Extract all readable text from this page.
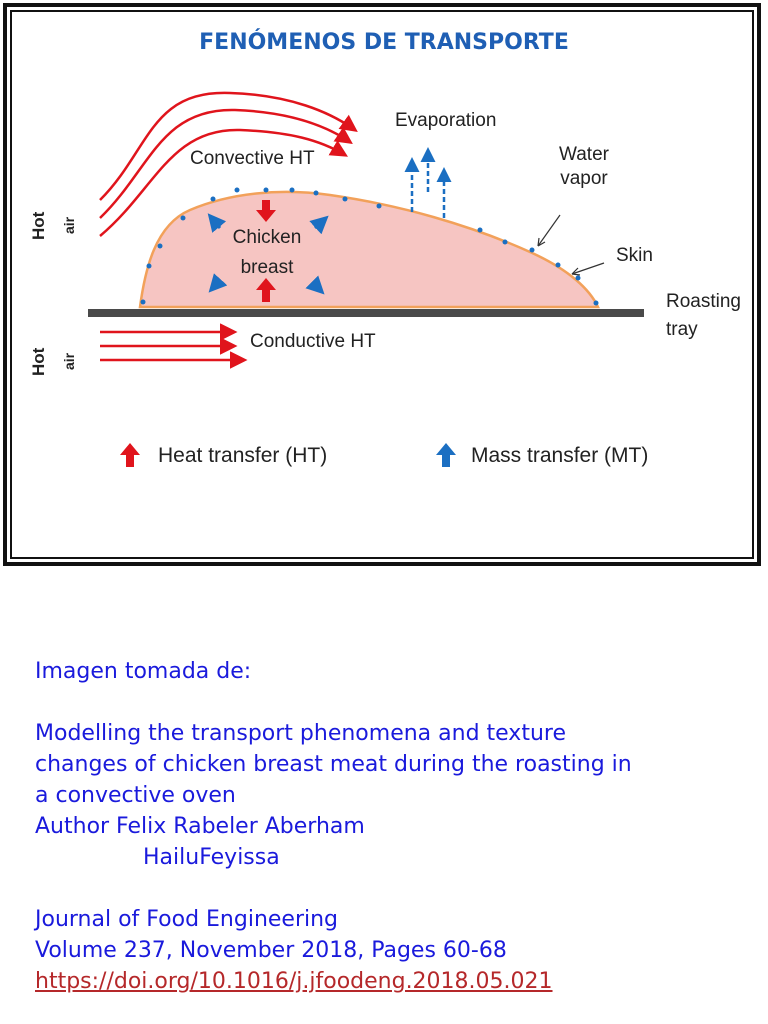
FENÓMENOS DE TRANSPORTE
Hot air
Hot air
Convective HT
Evaporation
Water
vapor
Chicken
breast
Skin
Roasting
tray
Conductive HT
Heat transfer (HT)	Mass transfer (MT)
Imagen tomada de:
Modelling the transport phenomena and texture
changes of chicken breast meat during the roasting in
a convective oven
Author Felix Rabeler Aberham
HailuFeyissa
Journal of Food Engineering
Volume 237, November 2018, Pages 60-68
https://doi.org/10.1016/j.jfoodeng.2018.05.021
